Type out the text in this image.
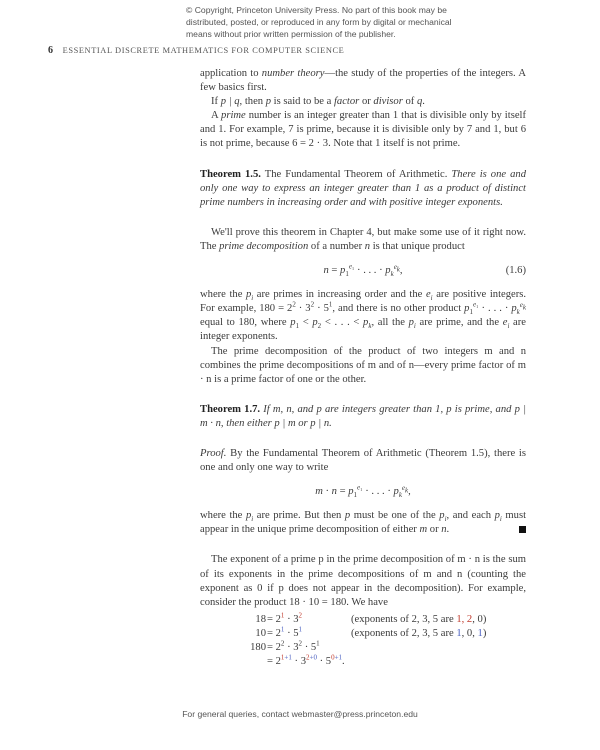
© Copyright, Princeton University Press. No part of this book may be
distributed, posted, or reproduced in any form by digital or mechanical
means without prior written permission of the publisher.
6 ESSENTIAL DISCRETE MATHEMATICS FOR COMPUTER SCIENCE

application to number theory—the study of the properties of the integers. A few basics first.

If p | q, then p is said to be a factor or divisor of q.

A prime number is an integer greater than 1 that is divisible only by itself and 1. For example, 7 is prime, because it is divisible only by 7 and 1, but 6 is not prime, because 6 = 2 · 3. Note that 1 itself is not prime.

Theorem 1.5. The Fundamental Theorem of Arithmetic. There is one and only one way to express an integer greater than 1 as a product of distinct prime numbers in increasing order and with positive integer exponents.

We'll prove this theorem in Chapter 4, but make some use of it right now. The prime decomposition of a number n is that unique product

$n = p_1^{e_1}$ · . . . · $p_k^{e_k}$,	(1.6)

where the $p_i$ are primes in increasing order and the $e_i$ are positive integers. For example, $180 = 2^2 \cdot 3^2 \cdot 5^1$, and there is no other product $p_1^{e_1}$ · . . . · $p_k^{e_k}$ equal to 180, where $p_1 < p_2$ < . . . < $p_k$, all the $p_i$ are prime, and the $e_i$ are integer exponents.

The prime decomposition of the product of two integers m and n combines the prime decompositions of m and of n—every prime factor of m · n is a prime factor of one or the other.

Theorem 1.7. If m, n, and p are integers greater than 1, p is prime, and p | m · n, then either p | m or p | n.

Proof. By the Fundamental Theorem of Arithmetic (Theorem 1.5), there is one and only one way to write

$m \cdot n = p_1^{e_1}$ · . . . · $p_k^{e_k}$,

where the $p_i$ are prime. But then p must be one of the $p_i$, and each $p_i$ must appear in the unique prime decomposition of either m or n.

The exponent of a prime p in the prime decomposition of m · n is the sum of its exponents in the prime decompositions of m and n (counting the exponent as 0 if p does not appear in the decomposition). For example, consider the product 18 · 10 = 180. We have

$18 = 2^1 \cdot 3^2$	(exponents of 2, 3, 5 are 1, 2, 0)
$10 = 2^1 \cdot 5^1$	(exponents of 2, 3, 5 are 1, 0, 1)
$180 = 2^2 \cdot 3^2 \cdot 5^1$
= $2^{1+1} \cdot 3^{2+0} \cdot 5^{0+1}$.
For general queries, contact webmaster@press.princeton.edu
